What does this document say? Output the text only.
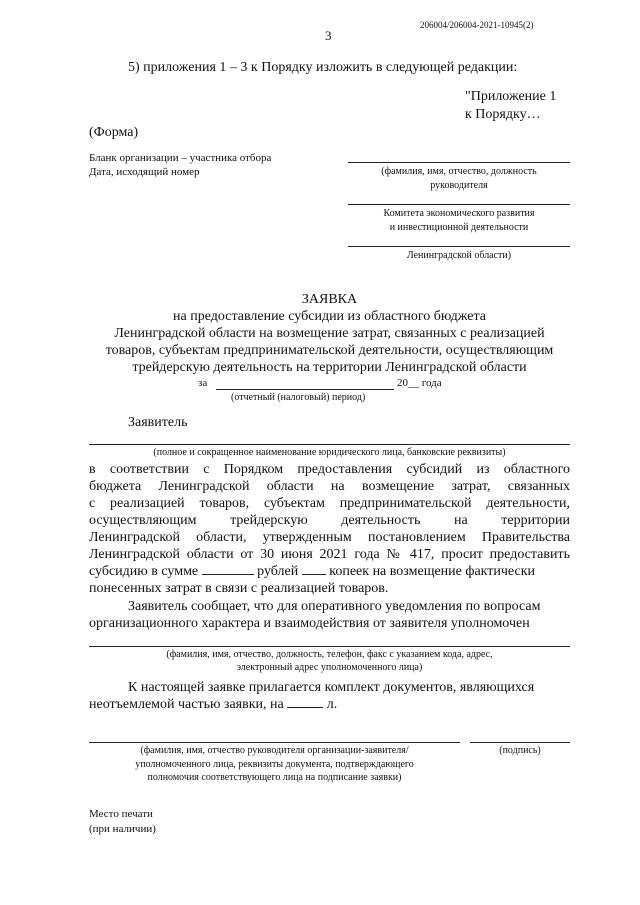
206004/206004-2021-10945(2)
3
5) приложения 1 – 3 к Порядку изложить в следующей редакции:
"Приложение 1
к Порядку…
(Форма)
Бланк организации – участника отбора
Дата, исходящий номер	(фамилия, имя, отчество, должность
руководителя
Комитета экономического развития
и инвестиционной деятельности
Ленинградской области)
ЗАЯВКА
на предоставление субсидии из областного бюджета
Ленинградской области на возмещение затрат, связанных с реализацией
товаров, субъектам предпринимательской деятельности, осуществляющим
трейдерскую деятельность на территории Ленинградской области
за	20__ года
(отчетный (налоговый) период)
Заявитель
(полное и сокращенное наименование юридического лица, банковские реквизиты)
в соответствии с Порядком предоставления субсидий из областного
бюджета Ленинградской области на возмещение затрат, связанных
с реализацией товаров, субъектам предпринимательской деятельности,
осуществляющим трейдерскую деятельность на территории
Ленинградской области, утвержденным постановлением Правительства
Ленинградской области от 30 июня 2021 года № 417, просит предоставить
субсидию в сумме	рублей копеек на возмещение фактически
понесенных затрат в связи с реализацией товаров.
Заявитель сообщает, что для оперативного уведомления по вопросам
организационного характера и взаимодействия от заявителя уполномочен
(фамилия, имя, отчество, должность, телефон, факс с указанием кода, адрес,
электронный адрес уполномоченного лица)
К настоящей заявке прилагается комплект документов, являющихся
неотъемлемой частью заявки, на	л.
(фамилия, имя, отчество руководителя организации-заявителя/
уполномоченного лица, реквизиты документа, подтверждающего
полномочия соответствующего лица на подписание заявки)
(подпись)
Место печати
(при наличии)
